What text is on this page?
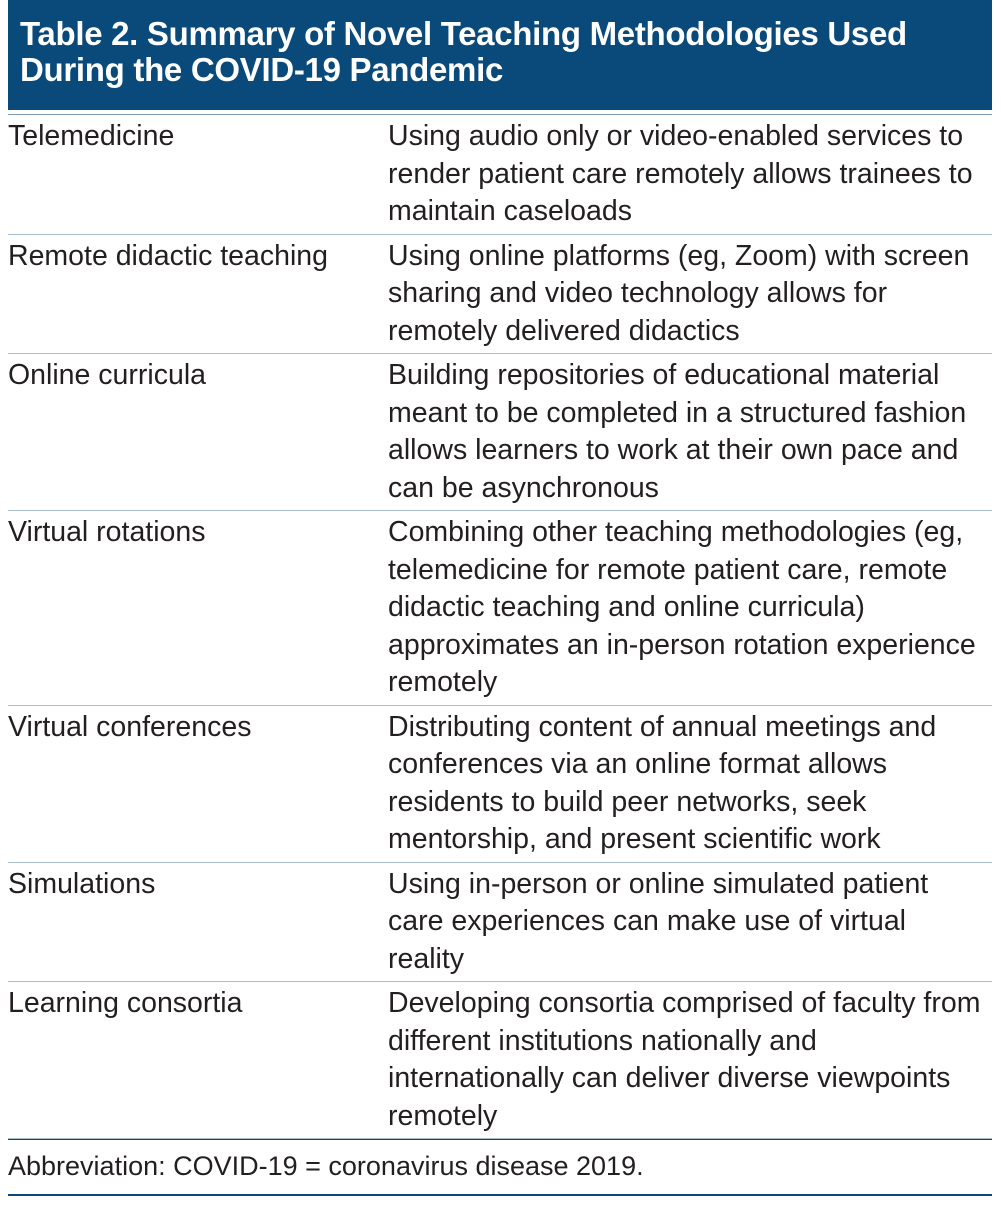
Table 2. Summary of Novel Teaching Methodologies Used
During the COVID-19 Pandemic
Telemedicine	Using audio only or video-enabled services to render patient care remotely allows trainees to maintain caseloads
Remote didactic teaching	Using online platforms (eg, Zoom) with screen sharing and video technology allows for remotely delivered didactics
Online curricula	Building repositories of educational material meant to be completed in a structured fashion allows learners to work at their own pace and can be asynchronous
Virtual rotations	Combining other teaching methodologies (eg, telemedicine for remote patient care, remote didactic teaching and online curricula) approximates an in-person rotation experience remotely
Virtual conferences	Distributing content of annual meetings and conferences via an online format allows residents to build peer networks, seek mentorship, and present scientific work
Simulations	Using in-person or online simulated patient care experiences can make use of virtual reality
Learning consortia	Developing consortia comprised of faculty from different institutions nationally and internationally can deliver diverse viewpoints remotely
Abbreviation: COVID-19 = coronavirus disease 2019.
